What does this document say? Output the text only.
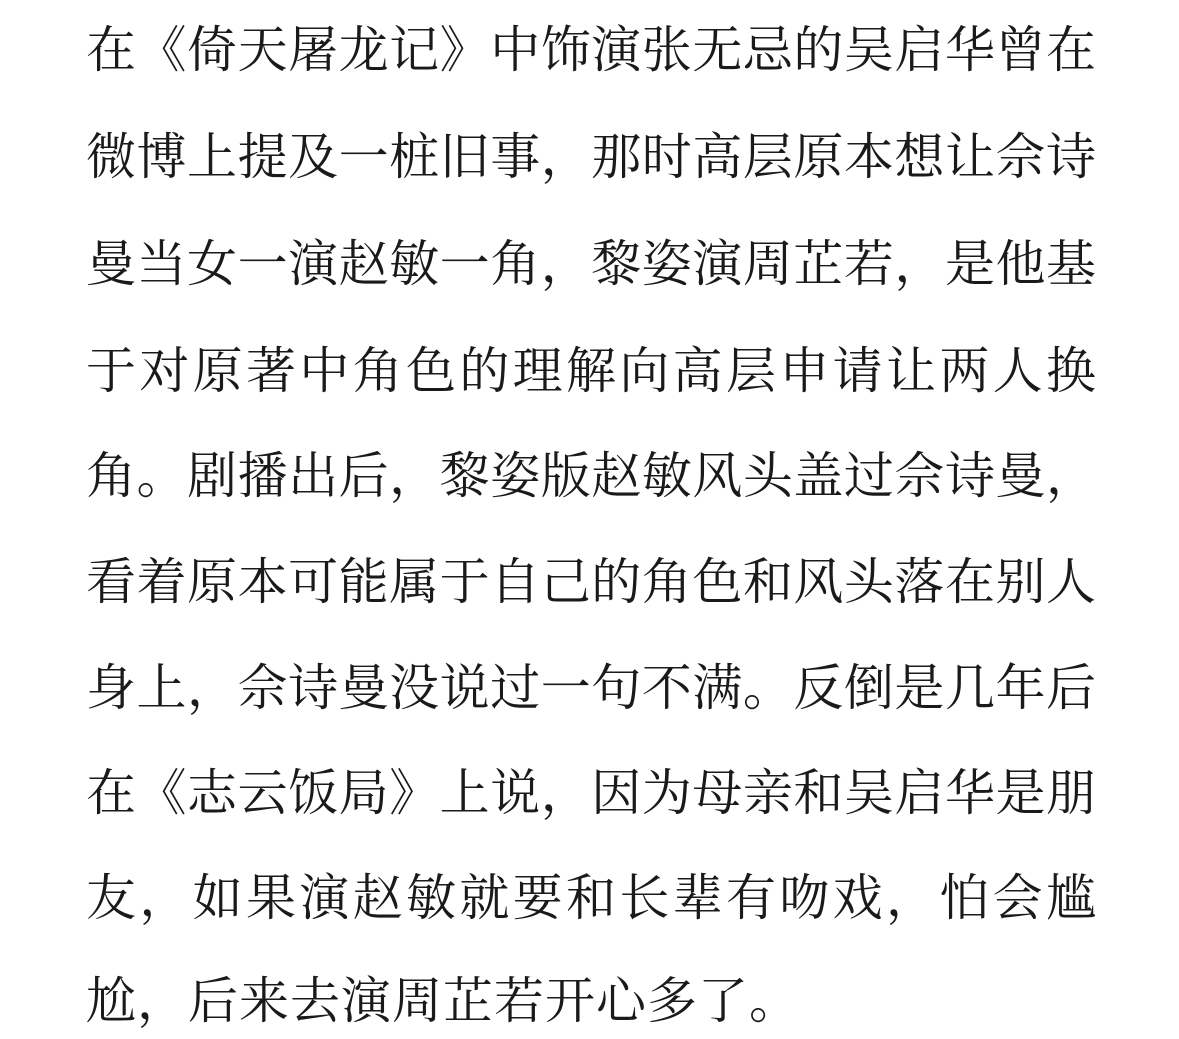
在《倚天屠龙记》中饰演张无忌的吴启华曾在
微博上提及一桩旧事，那时高层原本想让佘诗
曼当女一演赵敏一角，黎姿演周芷若，是他基
于对原著中角色的理解向高层申请让两人换
角。剧播出后，黎姿版赵敏风头盖过佘诗曼，
看着原本可能属于自己的角色和风头落在别人
身上，佘诗曼没说过一句不满。反倒是几年后
在《志云饭局》上说，因为母亲和吴启华是朋
友，如果演赵敏就要和长辈有吻戏，怕会尴
尬，后来去演周芷若开心多了。
